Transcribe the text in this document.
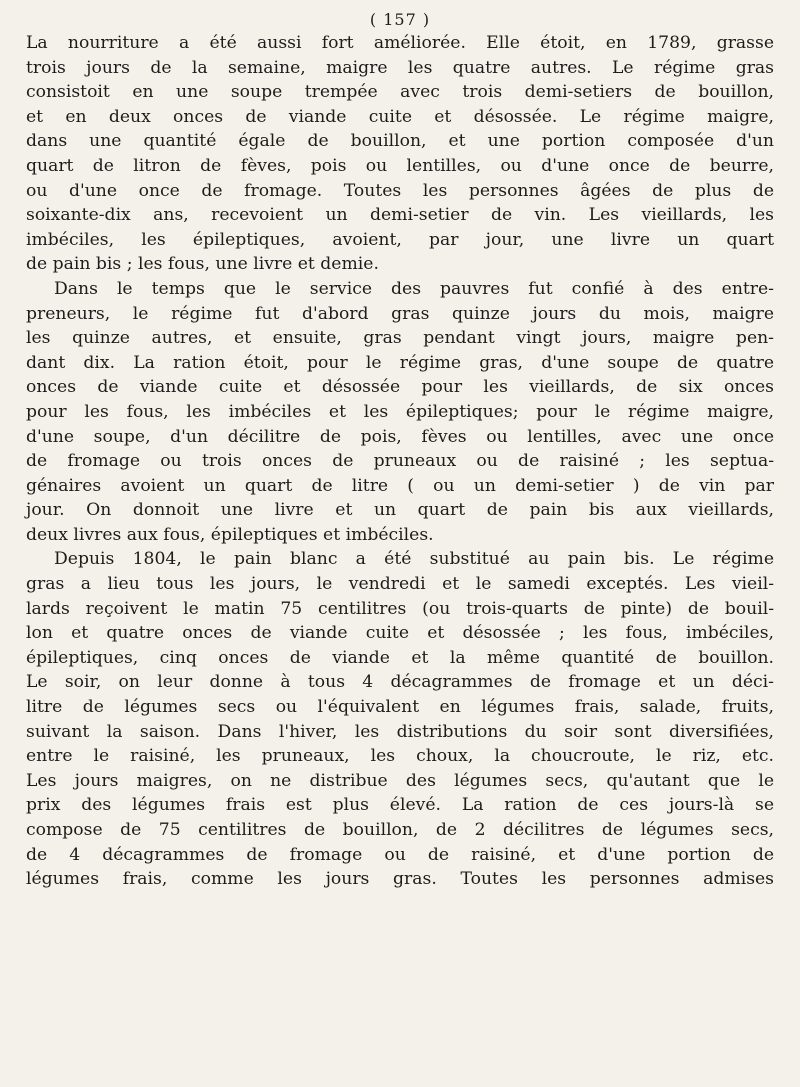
( 157 )
La nourriture a été aussi fort améliorée. Elle étoit, en 1789, grasse
trois jours de la semaine, maigre les quatre autres. Le régime gras
consistoit en une soupe trempée avec trois demi-setiers de bouillon,
et en deux onces de viande cuite et désossée. Le régime maigre,
dans une quantité égale de bouillon, et une portion composée d'un
quart de litron de fèves, pois ou lentilles, ou d'une once de beurre,
ou d'une once de fromage. Toutes les personnes âgées de plus de
soixante-dix ans, recevoient un demi-setier de vin. Les vieillards, les
imbéciles, les épileptiques, avoient, par jour, une livre un quart
de pain bis ; les fous, une livre et demie.
Dans le temps que le service des pauvres fut confié à des entre-
preneurs, le régime fut d'abord gras quinze jours du mois, maigre
les quinze autres, et ensuite, gras pendant vingt jours, maigre pen-
dant dix. La ration étoit, pour le régime gras, d'une soupe de quatre
onces de viande cuite et désossée pour les vieillards, de six onces
pour les fous, les imbéciles et les épileptiques; pour le régime maigre,
d'une soupe, d'un décilitre de pois, fèves ou lentilles, avec une once
de fromage ou trois onces de pruneaux ou de raisiné ; les septua-
génaires avoient un quart de litre ( ou un demi-setier ) de vin par
jour. On donnoit une livre et un quart de pain bis aux vieillards,
deux livres aux fous, épileptiques et imbéciles.
Depuis 1804, le pain blanc a été substitué au pain bis. Le régime
gras a lieu tous les jours, le vendredi et le samedi exceptés. Les vieil-
lards reçoivent le matin 75 centilitres (ou trois-quarts de pinte) de bouil-
lon et quatre onces de viande cuite et désossée ; les fous, imbéciles,
épileptiques, cinq onces de viande et la même quantité de bouillon.
Le soir, on leur donne à tous 4 décagrammes de fromage et un déci-
litre de légumes secs ou l'équivalent en légumes frais, salade, fruits,
suivant la saison. Dans l'hiver, les distributions du soir sont diversifiées,
entre le raisiné, les pruneaux, les choux, la choucroute, le riz, etc.
Les jours maigres, on ne distribue des légumes secs, qu'autant que le
prix des légumes frais est plus élevé. La ration de ces jours-là se
compose de 75 centilitres de bouillon, de 2 décilitres de légumes secs,
de 4 décagrammes de fromage ou de raisiné, et d'une portion de
légumes frais, comme les jours gras. Toutes les personnes admises
